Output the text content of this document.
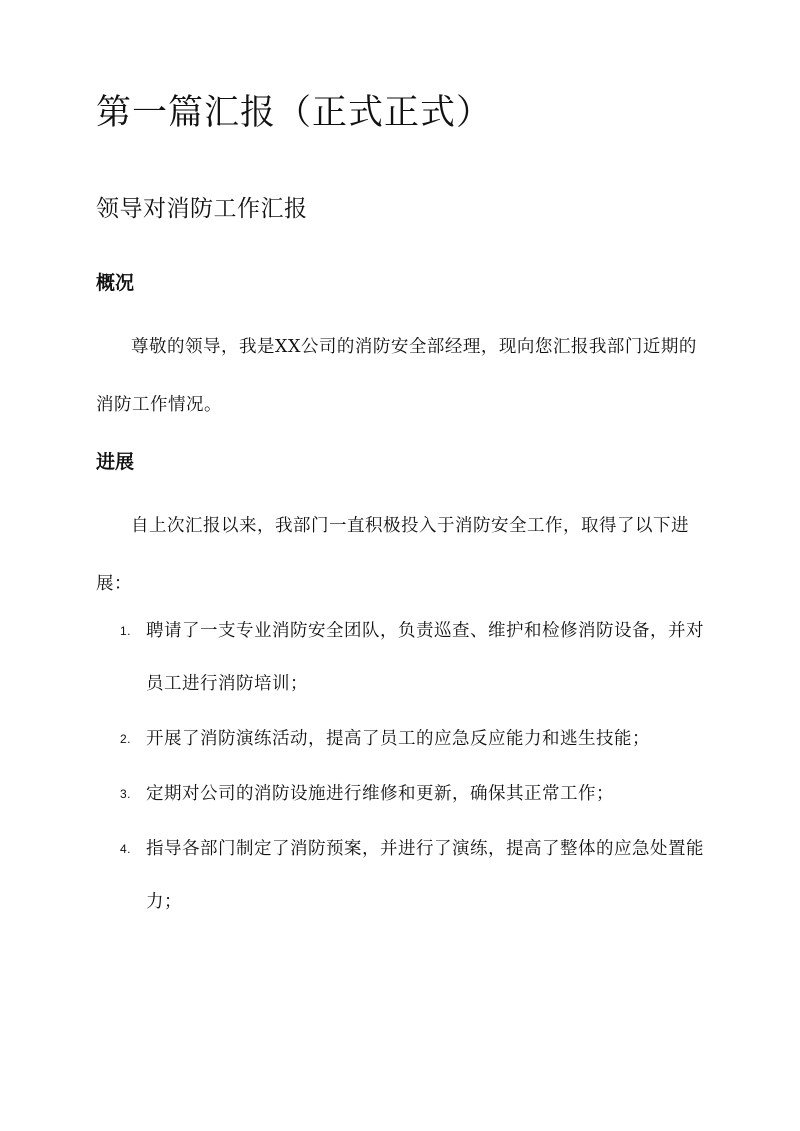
第一篇汇报（正式正式）
领导对消防工作汇报
概况

尊敬的领导，我是XX公司的消防安全部经理，现向您汇报我部门近期的消防工作情况。

进展

自上次汇报以来，我部门一直积极投入于消防安全工作，取得了以下进展：

1. 聘请了一支专业消防安全团队，负责巡查、维护和检修消防设备，并对员工进行消防培训；
2. 开展了消防演练活动，提高了员工的应急反应能力和逃生技能；
3. 定期对公司的消防设施进行维修和更新，确保其正常工作；
4. 指导各部门制定了消防预案，并进行了演练，提高了整体的应急处置能力；
